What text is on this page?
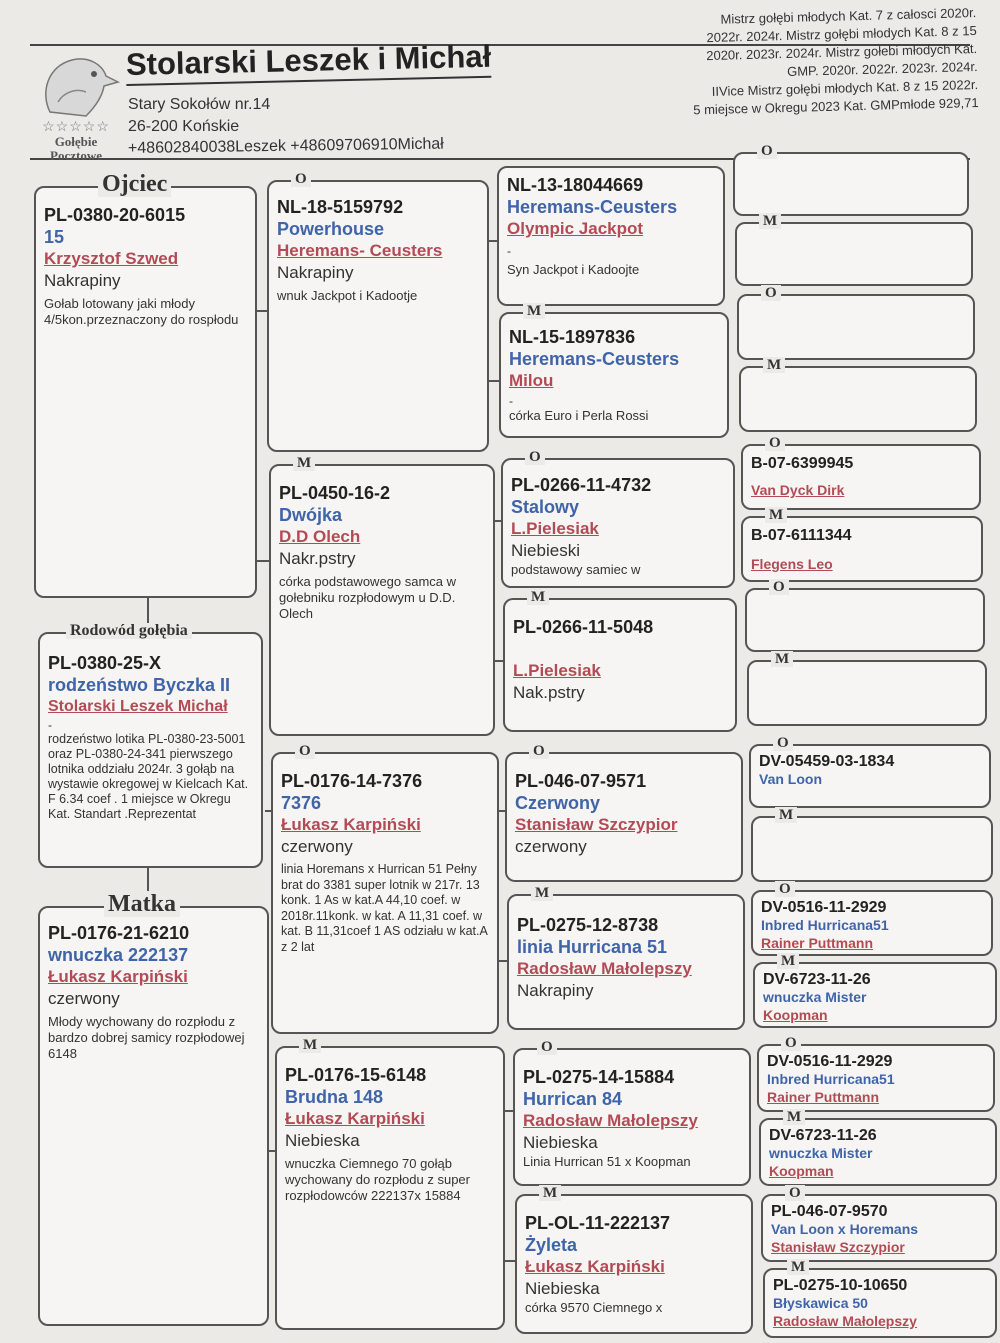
☆☆☆☆☆
Gołębie
Pocztowe
Stolarski Leszek i Michał
Stary Sokołów nr.14
26-200 Końskie
+48602840038Leszek +48609706910Michał
Mistrz gołębi młodych Kat. 7 z całosci 2020r.
2022r. 2024r. Mistrz gołębi młodych Kat. 8 z 15
2020r. 2023r. 2024r. Mistrz gołebi młodych Kat.
GMP. 2020r. 2022r. 2023r. 2024r.
IIVice Mistrz gołębi młodych Kat. 8 z 15 2022r.
5 miejsce w Okregu 2023 Kat. GMPmłode 929,71
Ojciec
PL-0380-20-6015
15
Krzysztof Szwed
Nakrapiny
Gołab lotowany jaki młody 4/5kon.przeznaczony do rospłodu
Rodowód gołębia
PL-0380-25-X
rodzeństwo Byczka II
Stolarski Leszek Michał
-
rodzeństwo lotika PL-0380-23-5001 oraz PL-0380-24-341 pierwszego lotnika oddziału 2024r. 3 gołąb na wystawie okregowej w Kielcach Kat. F 6.34 coef . 1 miejsce w Okregu Kat. Standart .Reprezentat
Matka
PL-0176-21-6210
wnuczka 222137
Łukasz Karpiński
czerwony
Młody wychowany do rozpłodu z bardzo dobrej samicy rozpłodowej 6148
O
NL-18-5159792
Powerhouse
Heremans- Ceusters
Nakrapiny
wnuk Jackpot i Kadootje
M
PL-0450-16-2
Dwójka
D.D Olech
Nakr.pstry
córka podstawowego samca w gołebniku rozpłodowym u D.D. Olech
O
PL-0176-14-7376
7376
Łukasz Karpiński
czerwony
linia Horemans x Hurrican 51 Pełny brat do 3381 super lotnik w 217r. 13 konk. 1 As w kat.A 44,10 coef. w 2018r.11konk. w kat. A 11,31 coef. w kat. B 11,31coef 1 AS odziału w kat.A z 2 lat
M
PL-0176-15-6148
Brudna 148
Łukasz Karpiński
Niebieska
wnuczka Ciemnego 70 gołąb wychowany do rozpłodu z super rozpłodowców 222137x 15884
NL-13-18044669
Heremans-Ceusters
Olympic Jackpot
-
Syn Jackpot i Kadoojte
M
NL-15-1897836
Heremans-Ceusters
Milou
-
córka Euro i Perla Rossi
O
PL-0266-11-4732
Stalowy
L.Pielesiak
Niebieski
podstawowy samiec w
M
PL-0266-11-5048
L.Pielesiak
Nak.pstry
O
PL-046-07-9571
Czerwony
Stanisław Szczypior
czerwony
M
PL-0275-12-8738
linia Hurricana 51
Radosław Małolepszy
Nakrapiny
O
PL-0275-14-15884
Hurrican 84
Radosław Małolepszy
Niebieska
Linia Hurrican 51 x Koopman
M
PL-OL-11-222137
Żyleta
Łukasz Karpiński
Niebieska
córka 9570 Ciemnego x
O
M
O
M
O
B-07-6399945
Van Dyck Dirk
M
B-07-6111344
Flegens Leo
O
M
O
DV-05459-03-1834
Van Loon
M
O
DV-0516-11-2929
Inbred Hurricana51
Rainer Puttmann
M
DV-6723-11-26
wnuczka Mister
Koopman
O
DV-0516-11-2929
Inbred Hurricana51
Rainer Puttmann
M
DV-6723-11-26
wnuczka Mister
Koopman
O
PL-046-07-9570
Van Loon x Horemans
Stanisław Szczypior
M
PL-0275-10-10650
Błyskawica 50
Radosław Małolepszy
